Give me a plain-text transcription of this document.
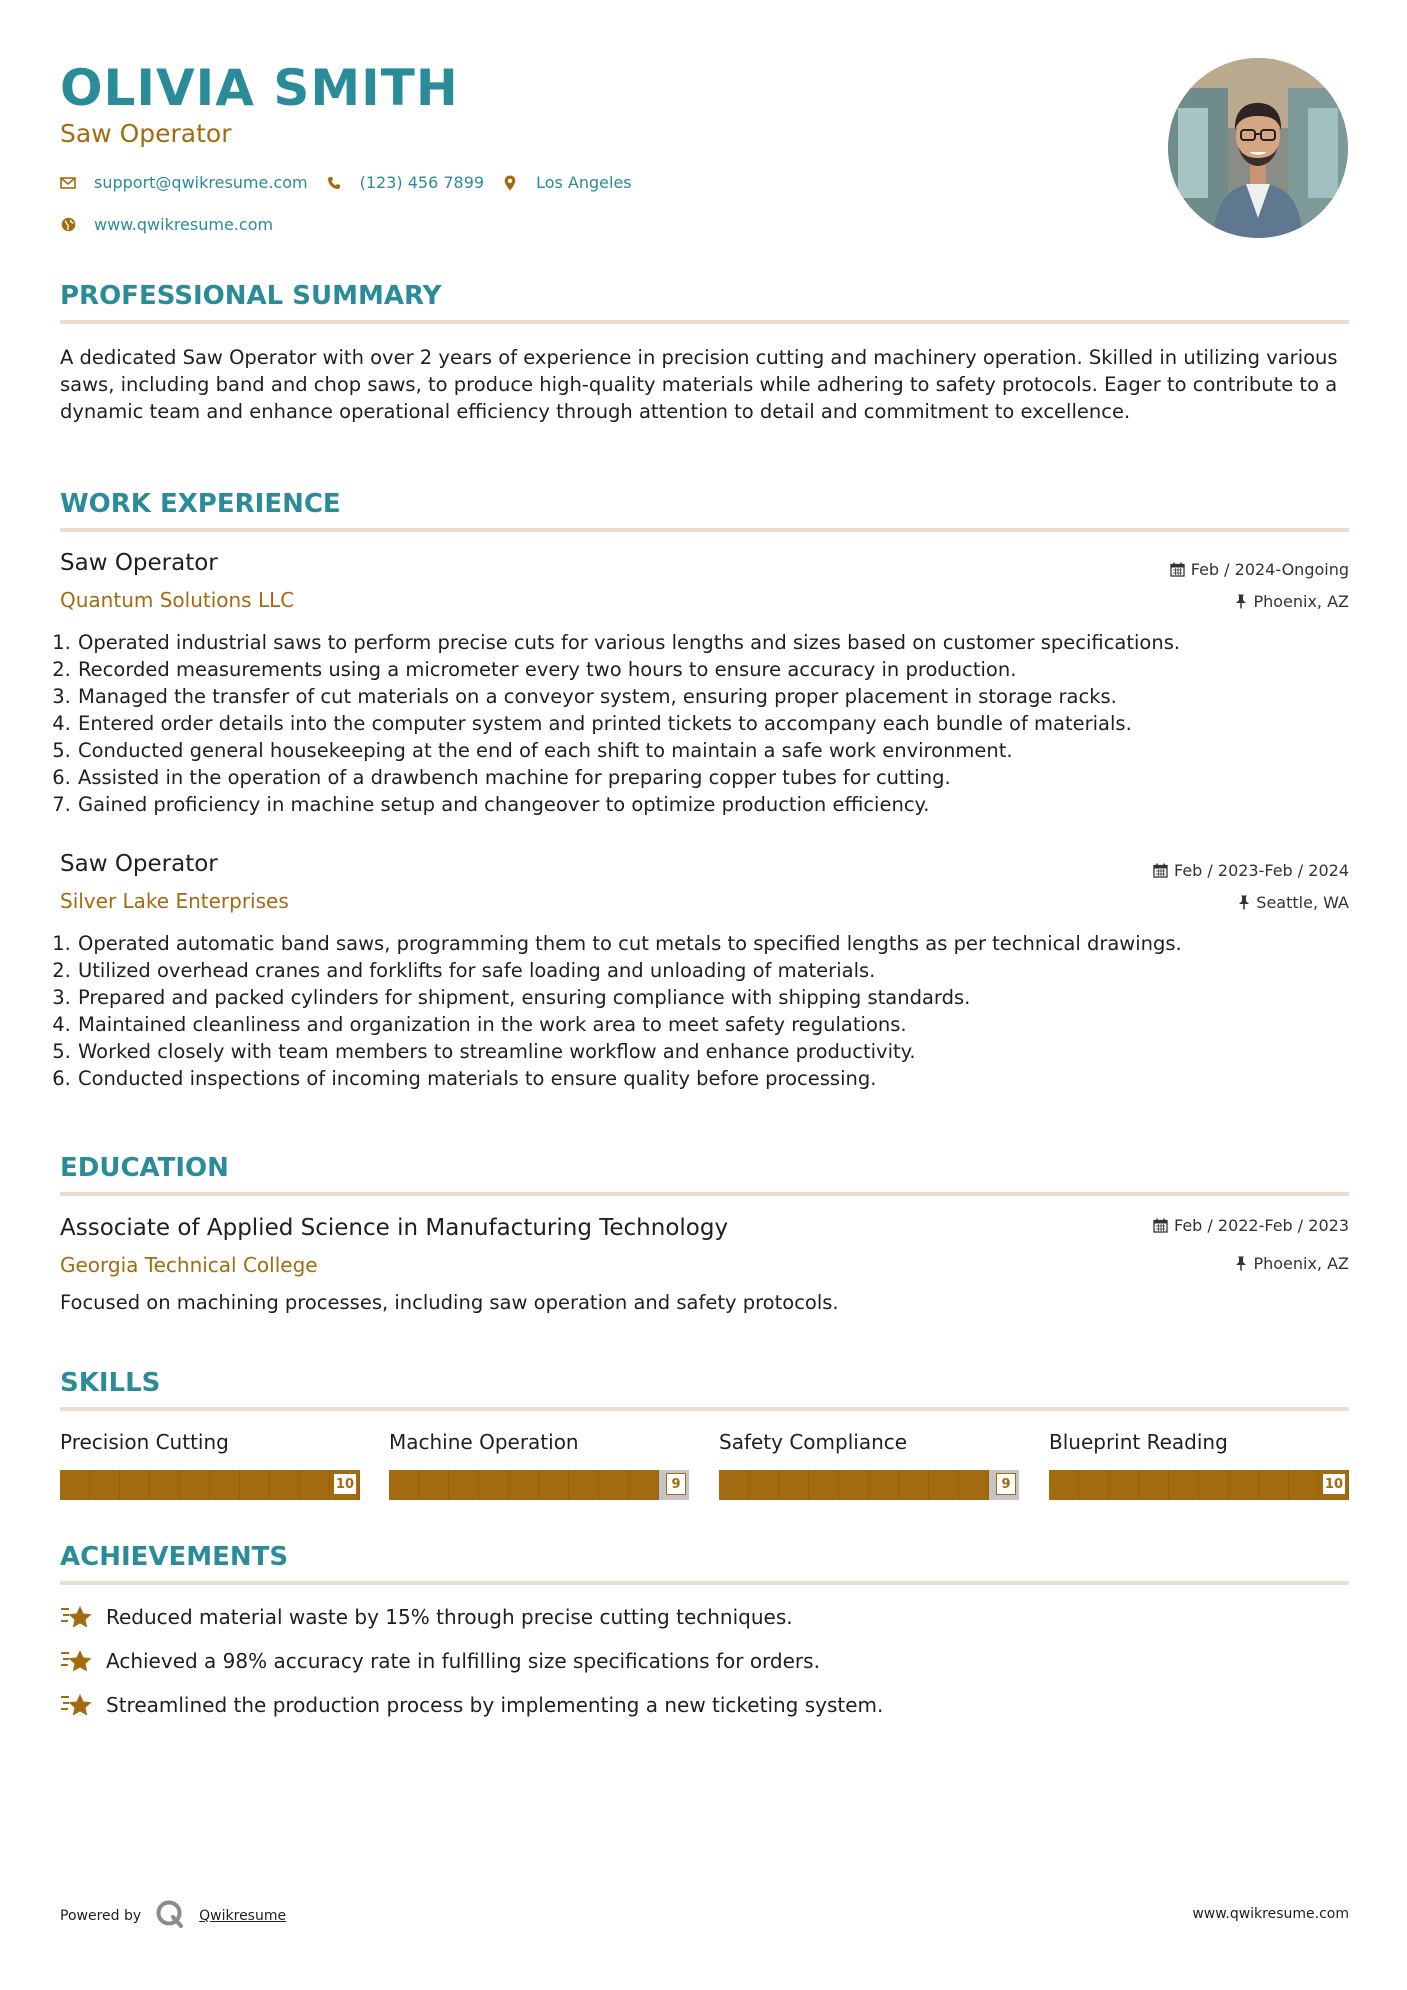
OLIVIA SMITH
Saw Operator
support@qwikresume.com	(123) 456 7899	Los Angeles
www.qwikresume.com
PROFESSIONAL SUMMARY
A dedicated Saw Operator with over 2 years of experience in precision cutting and machinery operation. Skilled in utilizing various saws, including band and chop saws, to produce high-quality materials while adhering to safety protocols. Eager to contribute to a dynamic team and enhance operational efficiency through attention to detail and commitment to excellence.
WORK EXPERIENCE
Saw Operator
Quantum Solutions LLC
Feb / 2024-Ongoing
Phoenix, AZ
1. Operated industrial saws to perform precise cuts for various lengths and sizes based on customer specifications.
2. Recorded measurements using a micrometer every two hours to ensure accuracy in production.
3. Managed the transfer of cut materials on a conveyor system, ensuring proper placement in storage racks.
4. Entered order details into the computer system and printed tickets to accompany each bundle of materials.
5. Conducted general housekeeping at the end of each shift to maintain a safe work environment.
6. Assisted in the operation of a drawbench machine for preparing copper tubes for cutting.
7. Gained proficiency in machine setup and changeover to optimize production efficiency.
Saw Operator
Silver Lake Enterprises
Feb / 2023-Feb / 2024
Seattle, WA
1. Operated automatic band saws, programming them to cut metals to specified lengths as per technical drawings.
2. Utilized overhead cranes and forklifts for safe loading and unloading of materials.
3. Prepared and packed cylinders for shipment, ensuring compliance with shipping standards.
4. Maintained cleanliness and organization in the work area to meet safety regulations.
5. Worked closely with team members to streamline workflow and enhance productivity.
6. Conducted inspections of incoming materials to ensure quality before processing.
EDUCATION
Associate of Applied Science in Manufacturing Technology
Georgia Technical College
Feb / 2022-Feb / 2023
Phoenix, AZ
Focused on machining processes, including saw operation and safety protocols.
SKILLS
Precision Cutting
10
Machine Operation
9
Safety Compliance
9
Blueprint Reading
10
ACHIEVEMENTS
Reduced material waste by 15% through precise cutting techniques.
Achieved a 98% accuracy rate in fulfilling size specifications for orders.
Streamlined the production process by implementing a new ticketing system.
Powered by	Qwikresume	www.qwikresume.com
